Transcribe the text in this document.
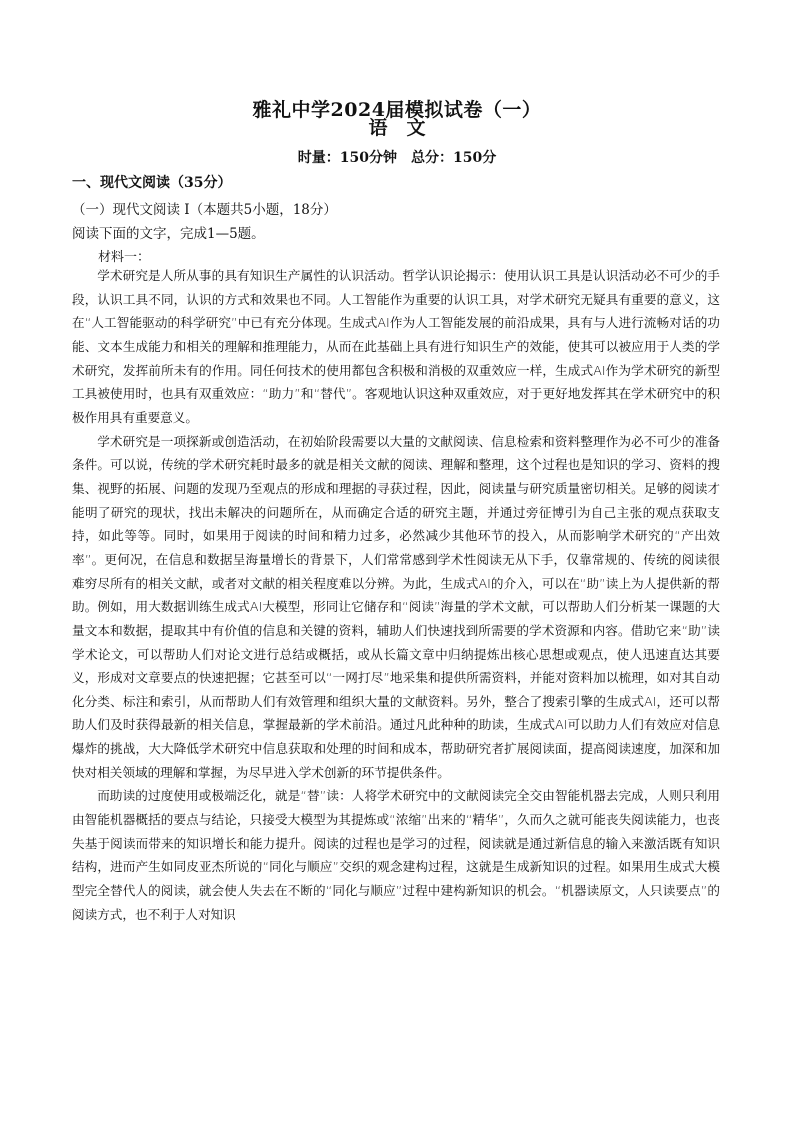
雅礼中学2024届模拟试卷（一）
语　文
时量：150分钟　总分：150分
一、现代文阅读（35分）
（一）现代文阅读 I（本题共5小题，18分）
阅读下面的文字，完成1—5题。
材料一：

学术研究是人所从事的具有知识生产属性的认识活动。哲学认识论揭示：使用认识工具是认识活动必不可少的手段，认识工具不同，认识的方式和效果也不同。人工智能作为重要的认识工具，对学术研究无疑具有重要的意义，这在“人工智能驱动的科学研究”中已有充分体现。生成式AI作为人工智能发展的前沿成果，具有与人进行流畅对话的功能、文本生成能力和相关的理解和推理能力，从而在此基础上具有进行知识生产的效能，使其可以被应用于人类的学术研究，发挥前所未有的作用。同任何技术的使用都包含积极和消极的双重效应一样，生成式AI作为学术研究的新型工具被使用时，也具有双重效应：“助力”和“替代”。客观地认识这种双重效应，对于更好地发挥其在学术研究中的积极作用具有重要意义。

学术研究是一项探新或创造活动，在初始阶段需要以大量的文献阅读、信息检索和资料整理作为必不可少的准备条件。可以说，传统的学术研究耗时最多的就是相关文献的阅读、理解和整理，这个过程也是知识的学习、资料的搜集、视野的拓展、问题的发现乃至观点的形成和理据的寻获过程，因此，阅读量与研究质量密切相关。足够的阅读才能明了研究的现状，找出未解决的问题所在，从而确定合适的研究主题，并通过旁征博引为自己主张的观点获取支持，如此等等。同时，如果用于阅读的时间和精力过多，必然减少其他环节的投入，从而影响学术研究的“产出效率”。更何况，在信息和数据呈海量增长的背景下，人们常常感到学术性阅读无从下手，仅靠常规的、传统的阅读很难穷尽所有的相关文献，或者对文献的相关程度难以分辨。为此，生成式AI的介入，可以在“助”读上为人提供新的帮助。例如，用大数据训练生成式AI大模型，形同让它储存和“阅读”海量的学术文献，可以帮助人们分析某一课题的大量文本和数据，提取其中有价值的信息和关键的资料，辅助人们快速找到所需要的学术资源和内容。借助它来“助”读学术论文，可以帮助人们对论文进行总结或概括，或从长篇文章中归纳提炼出核心思想或观点，使人迅速直达其要义，形成对文章要点的快速把握；它甚至可以“一网打尽”地采集和提供所需资料，并能对资料加以梳理，如对其自动化分类、标注和索引，从而帮助人们有效管理和组织大量的文献资料。另外，整合了搜索引擎的生成式AI，还可以帮助人们及时获得最新的相关信息，掌握最新的学术前沿。通过凡此种种的助读，生成式AI可以助力人们有效应对信息爆炸的挑战，大大降低学术研究中信息获取和处理的时间和成本，帮助研究者扩展阅读面，提高阅读速度，加深和加快对相关领域的理解和掌握，为尽早进入学术创新的环节提供条件。

而助读的过度使用或极端泛化，就是“替”读：人将学术研究中的文献阅读完全交由智能机器去完成，人则只利用由智能机器概括的要点与结论，只接受大模型为其提炼或“浓缩”出来的“精华”，久而久之就可能丧失阅读能力，也丧失基于阅读而带来的知识增长和能力提升。阅读的过程也是学习的过程，阅读就是通过新信息的输入来激活既有知识结构，进而产生如同皮亚杰所说的“同化与顺应”交织的观念建构过程，这就是生成新知识的过程。如果用生成式大模型完全替代人的阅读，就会使人失去在不断的“同化与顺应”过程中建构新知识的机会。“机器读原文，人只读要点”的阅读方式，也不利于人对知识
